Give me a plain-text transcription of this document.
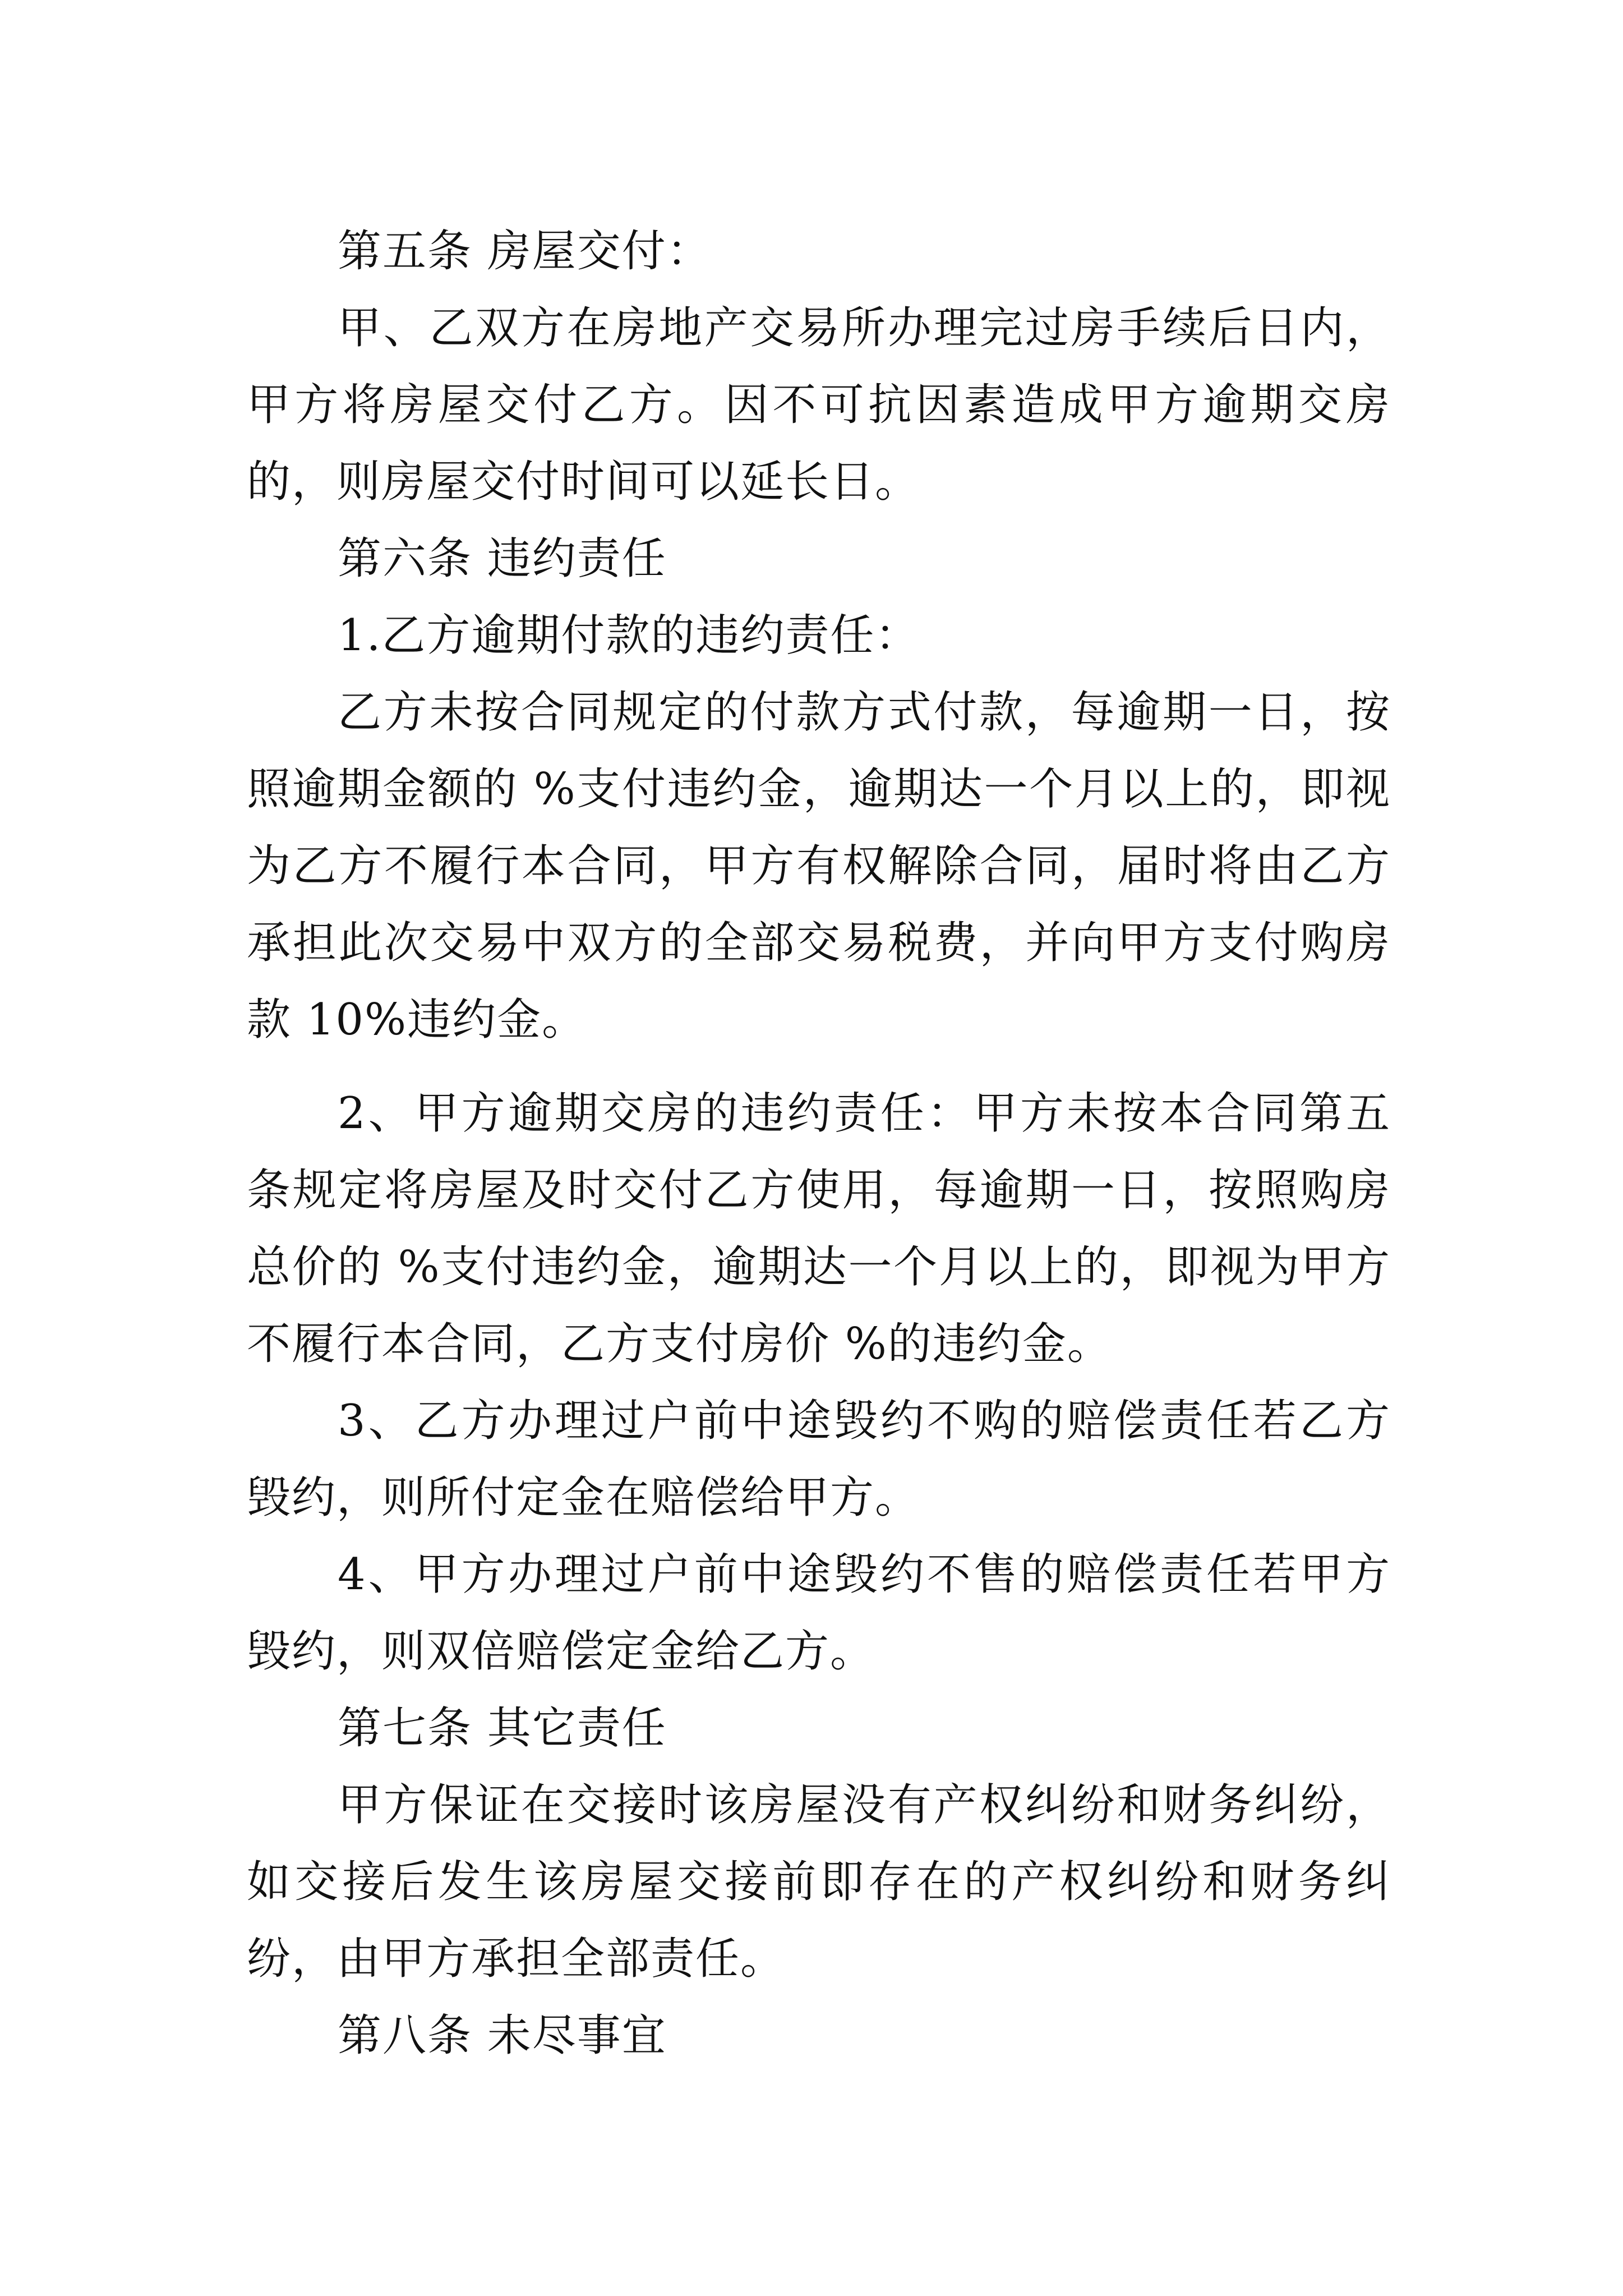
第五条 房屋交付：

甲、乙双方在房地产交易所办理完过房手续后日内，甲方将房屋交付乙方。因不可抗因素造成甲方逾期交房的，则房屋交付时间可以延长日。

第六条 违约责任

1.乙方逾期付款的违约责任：

乙方未按合同规定的付款方式付款，每逾期一日，按照逾期金额的 %支付违约金，逾期达一个月以上的，即视为乙方不履行本合同，甲方有权解除合同，届时将由乙方承担此次交易中双方的全部交易税费，并向甲方支付购房款 10%违约金。

2、甲方逾期交房的违约责任：甲方未按本合同第五条规定将房屋及时交付乙方使用，每逾期一日，按照购房总价的 %支付违约金，逾期达一个月以上的，即视为甲方不履行本合同，乙方支付房价 %的违约金。

3、乙方办理过户前中途毁约不购的赔偿责任若乙方毁约，则所付定金在赔偿给甲方。

4、甲方办理过户前中途毁约不售的赔偿责任若甲方毁约，则双倍赔偿定金给乙方。

第七条 其它责任

甲方保证在交接时该房屋没有产权纠纷和财务纠纷，如交接后发生该房屋交接前即存在的产权纠纷和财务纠纷，由甲方承担全部责任。

第八条 未尽事宜
